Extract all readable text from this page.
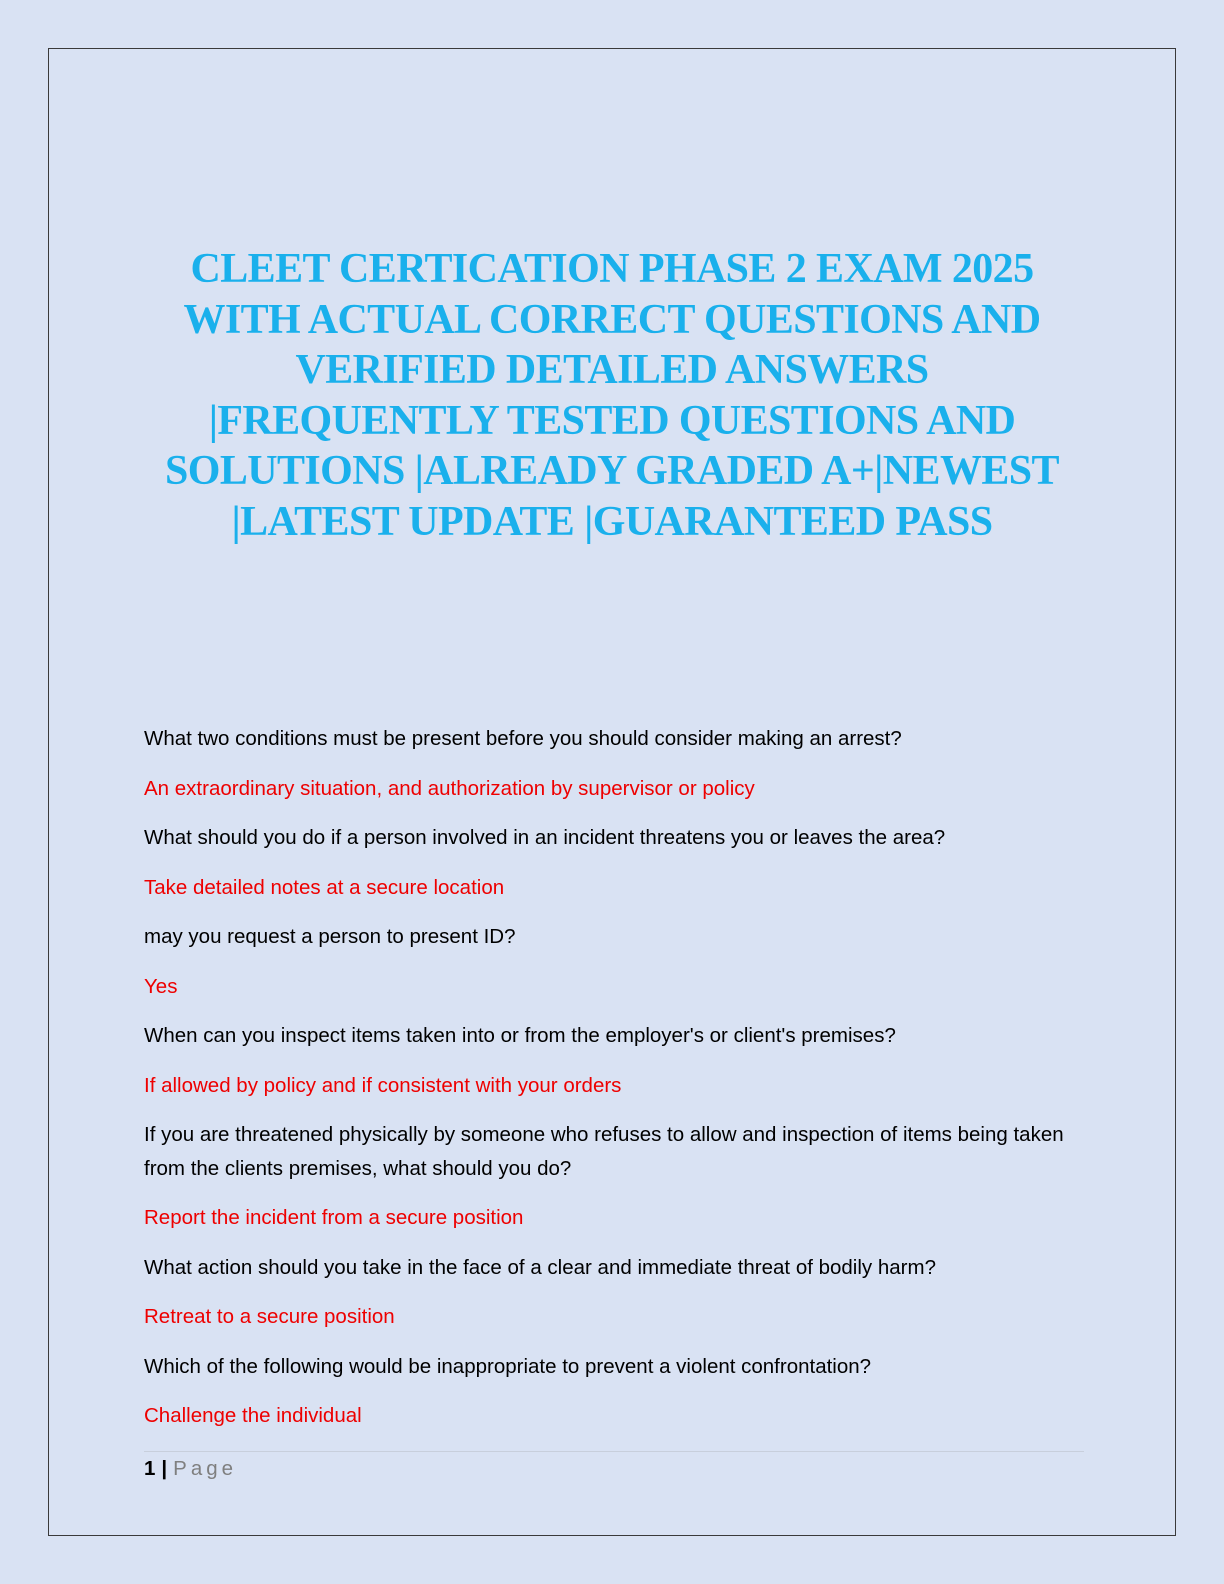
CLEET CERTICATION PHASE 2 EXAM 2025
WITH ACTUAL CORRECT QUESTIONS AND
VERIFIED DETAILED ANSWERS
|FREQUENTLY TESTED QUESTIONS AND
SOLUTIONS |ALREADY GRADED A+|NEWEST
|LATEST UPDATE |GUARANTEED PASS

What two conditions must be present before you should consider making an arrest?

An extraordinary situation, and authorization by supervisor or policy

What should you do if a person involved in an incident threatens you or leaves the area?

Take detailed notes at a secure location

may you request a person to present ID?

Yes

When can you inspect items taken into or from the employer's or client's premises?

If allowed by policy and if consistent with your orders

If you are threatened physically by someone who refuses to allow and inspection of items being taken from the clients premises, what should you do?

Report the incident from a secure position

What action should you take in the face of a clear and immediate threat of bodily harm?

Retreat to a secure position

Which of the following would be inappropriate to prevent a violent confrontation?

Challenge the individual

1 | Page
